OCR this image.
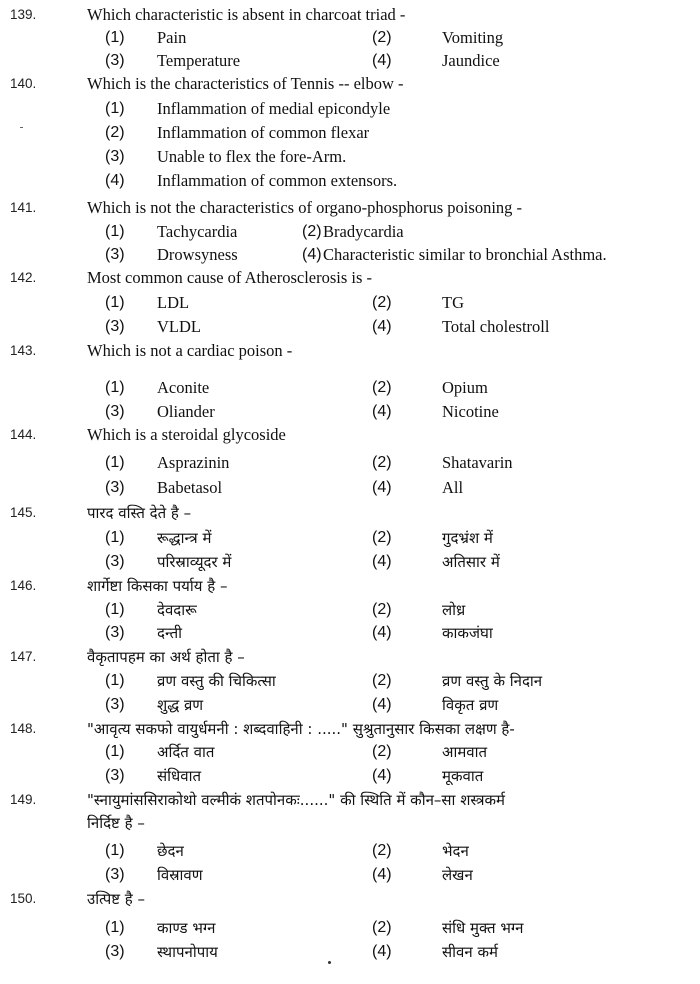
139.	Which characteristic is absent in charcoat triad -
(1) Pain	(2)	Vomiting
(3) Temperature	(4)	Jaundice
140.	Which is the characteristics of Tennis -- elbow -
(1) Inflammation of medial epicondyle
(2) Inflammation of common flexar
(3) Unable to flex the fore-Arm.
(4) Inflammation of common extensors.
141.	Which is not the characteristics of organo-phosphorus poisoning -
(1) Tachycardia	(2) Bradycardia
(3) Drowsyness	(4) Characteristic similar to bronchial Asthma.
142.	Most common cause of Atherosclerosis is -
(1) LDL	(2)	TG
(3) VLDL	(4)	Total cholestroll
143.	Which is not a cardiac poison -
(1) Aconite	(2)	Opium
(3) Oliander	(4)	Nicotine
144.	Which is a steroidal glycoside
(1) Asprazinin	(2)	Shatavarin
(3) Babetasol	(4)	All
145.	पारद वस्ति देते है –
(1) रूद्धान्त्र में	(2)	गुदभ्रंश में
(3) परिस्राव्यूदर में	(4)	अतिसार में
146.	शार्गेष्टा किसका पर्याय है –
(1) देवदारू	(2)	लोध्र
(3) दन्ती	(4)	काकजंघा
147.	वैकृतापहम का अर्थ होता है –
(1) व्रण वस्तु की चिकित्सा	(2)	व्रण वस्तु के निदान
(3) शुद्ध व्रण	(4)	विकृत व्रण
148.	"आवृत्य सकफो वायुर्धमनी : शब्दवाहिनी : ....." सुश्रुतानुसार किसका लक्षण है-
(1) अर्दित वात	(2)	आमवात
(3) संधिवात	(4)	मूकवात
149.	"स्नायुमांससिराकोथो वल्मीकं शतपोनकः......" की स्थिति में कौन–सा शस्त्रकर्म
निर्दिष्ट है –
(1) छेदन	(2)	भेदन
(3) विस्रावण	(4)	लेखन
150.	उत्पिष्ट है –
(1) काण्ड भग्न	(2)	संधि मुक्त भग्न
(3) स्थापनोपाय	(4)	सीवन कर्म
